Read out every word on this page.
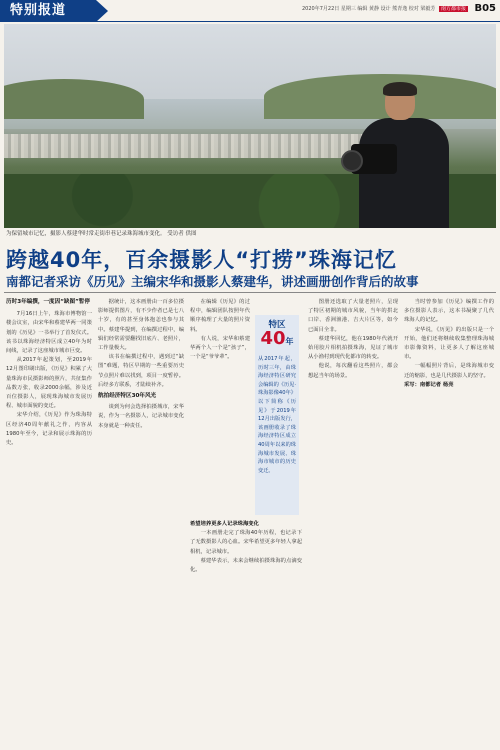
特别报道	2020年7月22日 星期三 编辑 黄静 设计 熊青逸 校对 梁毅芳 南方都市报 B05
为保留城市记忆，摄影人蔡建华时常走街串巷记录珠海城市变化。 受访者 供图
跨越40年，百余摄影人“打捞”珠海记忆
南都记者采访《历见》主编宋华和摄影人蔡建华，讲述画册创作背后的故事

历时3年编撰，一度因“缺图”暂停

7月16日上午，珠海市博物馆一楼会议室，由宋华和蔡建华两一同策划的《历见》一书举行了首发仪式。该书以珠海经济特区成立40年为时间线，记录了这座城市城市巨变。

从2017年起策划，至2019年12月图印刷出版，《历见》积累了大量珠海市民摄影师的照片，共征集作品数万张，收录2000余幅，涉及近百位摄影人，展现珠海城市发展历程、城市面貌的变迁。

宋华介绍，《历见》作为珠海特区经济40周年献礼之作，内容从1980年至今，记录和展示珠海的历史。

据统计，这本画册由一百多位摄影师提供图片，有不少作者已是七八十岁，有的甚至身体抱恙也参与其中。蔡建华提到，在编撰过程中，编辑们经常需要翻找旧底片、老照片，工作量极大。

该书在编撰过程中，遇到过“缺图”难题，特区早期的一些重要历史节点照片难以找到，项目一度暂停。后经多方联系，才陆续补齐。

航拍经济特区30年风光

谈到为何会选择拍摄城市，宋华说，作为一名摄影人，记录城市变化本身就是一种责任。

在编辑《历见》的过程中，编辑团队按照年代顺序梳理了大量的照片资料。

有人说，宋华和蔡建华两个人一个是“孩子”，一个是“爷爷辈”。

特区
40年
从2017年起，历时三年，由珠海经济特区研究会编辑的《历见·珠海影像40年》以下简称《历见》于2019年12月出版发行，该画册收录了珠海经济特区成立40周年以来的珠海城市发展、珠海市城市的历史变迁。

希望培养更多人记录珠海变化

一本画册走完了珠海40年历程，也记录下了无数摄影人的心血。宋华希望更多年轻人拿起相机，记录城市。

蔡建华表示，未来会继续拍摄珠海的点滴变化。

图册还选取了大量老照片，呈现了特区初期的城市风貌，当年的拱北口岸、香洲渔港、吉大片区等，如今已面目全非。

蔡建华回忆，他在1980年代就开始用胶片相机拍摄珠海，见证了城市从小渔村到现代化都市的转变。

他说，每次翻看这些照片，都会想起当年的场景。

当时曾参加《历见》编撰工作的多位摄影人表示，这本书凝聚了几代珠海人的记忆。

宋华说，《历见》的出版只是一个开始，他们还将继续收集整理珠海城市影像资料，让更多人了解这座城市。

一幅幅照片背后，是珠海城市变迁的缩影，也是几代摄影人的坚守。

采写：南都记者 杨亮
